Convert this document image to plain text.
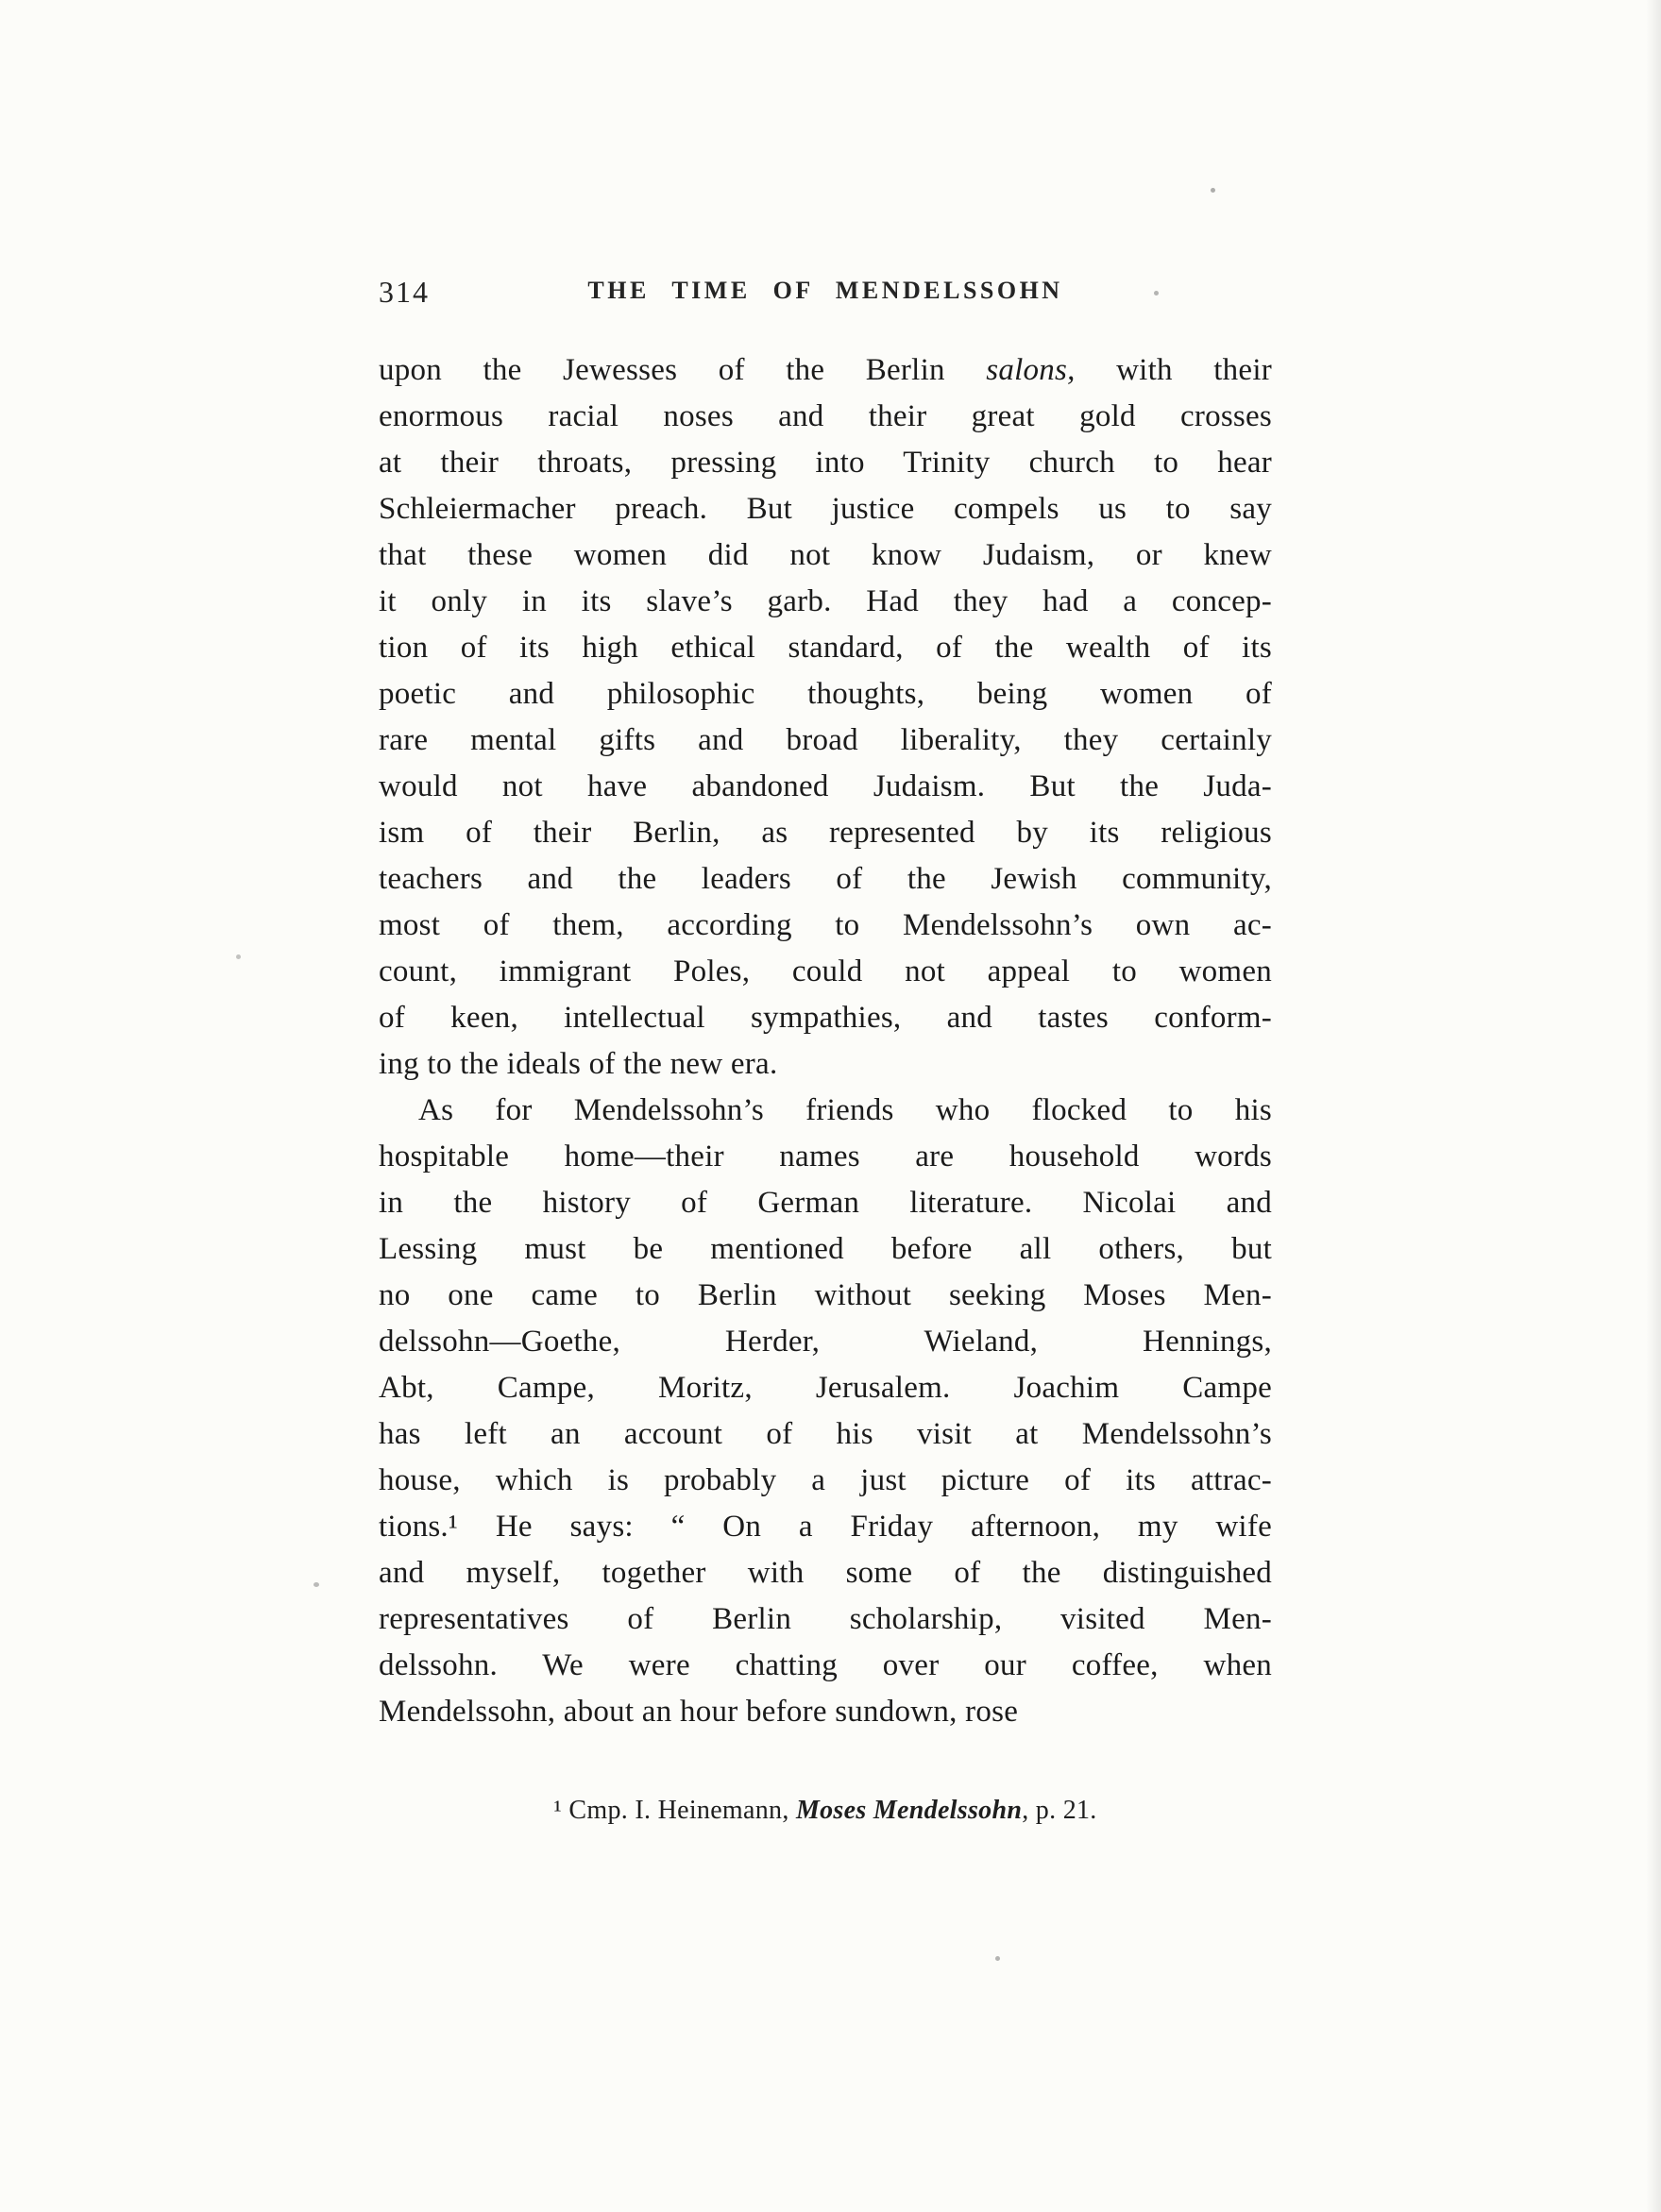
314	THE TIME OF MENDELSSOHN
upon the Jewesses of the Berlin salons, with their
enormous racial noses and their great gold crosses
at their throats, pressing into Trinity church to hear
Schleiermacher preach. But justice compels us to say
that these women did not know Judaism, or knew
it only in its slave’s garb. Had they had a concep-
tion of its high ethical standard, of the wealth of its
poetic and philosophic thoughts, being women of
rare mental gifts and broad liberality, they certainly
would not have abandoned Judaism. But the Juda-
ism of their Berlin, as represented by its religious
teachers and the leaders of the Jewish community,
most of them, according to Mendelssohn’s own ac-
count, immigrant Poles, could not appeal to women
of keen, intellectual sympathies, and tastes conform-
ing to the ideals of the new era.
As for Mendelssohn’s friends who flocked to his
hospitable home—their names are household words
in the history of German literature. Nicolai and
Lessing must be mentioned before all others, but
no one came to Berlin without seeking Moses Men-
delssohn—Goethe, Herder, Wieland, Hennings,
Abt, Campe, Moritz, Jerusalem. Joachim Campe
has left an account of his visit at Mendelssohn’s
house, which is probably a just picture of its attrac-
tions.¹ He says: “ On a Friday afternoon, my wife
and myself, together with some of the distinguished
representatives of Berlin scholarship, visited Men-
delssohn. We were chatting over our coffee, when
Mendelssohn, about an hour before sundown, rose
¹ Cmp. I. Heinemann, Moses Mendelssohn, p. 21.
